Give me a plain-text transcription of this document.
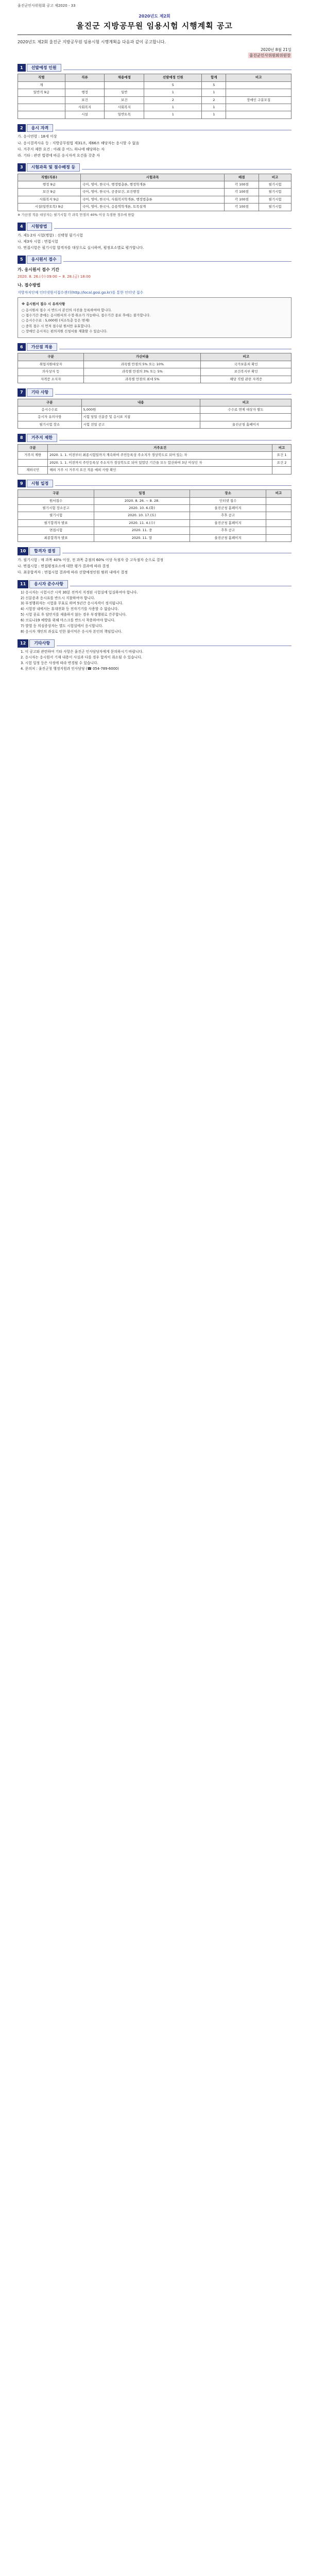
울진군인사위원회 공고 제2020 - 33
2020년도 제2회
울진군 지방공무원 임용시험 시행계획 공고
2020년도 제2회 울진군 지방공무원 임용시험 시행계획을 다음과 같이 공고합니다.
2020년 8월 21일
울진군인사위원회위원장
1	선발예정 인원
직렬	직류	채용예정	선발예정 인원	합계	비고
계			5	5	
일반직 9급	행정	일반	1	1	
	보건	보건	2	2	장애인 구분모집
	사회복지	사회복지	1	1	
	시설	일반토목	1	1	
2	응시 자격

가. 응시연령 : 18세 이상

나. 응시결격사유 등 : 지방공무원법 제31조, 제66조 해당자는 응시할 수 없음

다. 거주지 제한 요건 : 아래 중 어느 하나에 해당하는 자

라. 기타 : 관련 법령에 따른 응시자격 요건을 갖춘 자

3	시험과목 및 점수배정 등
직렬(직류)	시험과목	배점	비고
행정 9급	국어, 영어, 한국사, 행정법총론, 행정학개론	각 100점	필기시험
보건 9급	국어, 영어, 한국사, 공중보건, 보건행정	각 100점	필기시험
사회복지 9급	국어, 영어, 한국사, 사회복지학개론, 행정법총론	각 100점	필기시험
시설(일반토목) 9급	국어, 영어, 한국사, 응용역학개론, 토목설계	각 100점	필기시험
※ 가산점 적용 대상자는 필기시험 각 과목 만점의 40% 이상 득점한 경우에 한함
4	시험방법

가. 제1·2차 시험(병합) : 선택형 필기시험

나. 제3차 시험 : 면접시험

다. 면접시험은 필기시험 합격자를 대상으로 실시하며, 평정요소별로 평가합니다.

5	응시원서 접수
가. 응시원서 접수 기간

2020. 8. 26.(수) 09:00 ~ 8. 28.(금) 18:00

나. 접수방법

지방자치단체 인터넷원서접수센터(http://local.gosi.go.kr)를 통한 인터넷 접수

※ 응시원서 접수 시 유의사항

○ 응시원서 접수 시 반드시 본인의 사진을 등록하여야 합니다.

○ 접수기간 중에는 응시원서의 수정·취소가 가능하나, 접수기간 종료 후에는 불가합니다.

○ 응시수수료 : 5,000원 (저소득층 등은 면제)

○ 중복 접수 시 먼저 접수된 원서만 유효합니다.

○ 장애인 응시자는 편의지원 신청서를 제출할 수 있습니다.

6	가산점 적용
구분	가산비율	비고
취업지원대상자	과목별 만점의 5% 또는 10%	국가보훈처 확인
의사상자 등	과목별 만점의 3% 또는 5%	보건복지부 확인
자격증 소지자	과목별 만점의 최대 5%	해당 직렬 관련 자격증
7	기타 사항
구분	내용	비고
응시수수료	5,000원	수수료 면제 대상자 별도
응시자 유의사항	시험 당일 신분증 및 응시표 지참	
필기시험 장소	시험 전일 공고	울진군청 홈페이지
8	거주지 제한
구분	거주요건	비고
거주지 제한	2020. 1. 1. 이전부터 최종시험일까지 계속하여 주민등록상 주소지가 경상북도로 되어 있는 자	요건 1
	2020. 1. 1. 이전까지 주민등록상 주소지가 경상북도로 되어 있었던 기간을 모두 합산하여 3년 이상인 자	요건 2
재외국민	해외 거주 시 거주지 요건 적용 예외 사항 확인	
9	시험 일정
구분	일정	장소	비고
원서접수	2020. 8. 26. ~ 8. 28.	인터넷 접수	
필기시험 장소공고	2020. 10. 6.(화)	울진군청 홈페이지	
필기시험	2020. 10. 17.(토)	추후 공고	
필기합격자 발표	2020. 11. 4.(수)	울진군청 홈페이지	
면접시험	2020. 11. 중	추후 공고	
최종합격자 발표	2020. 11. 말	울진군청 홈페이지	
10	합격자 결정

가. 필기시험 : 매 과목 40% 이상, 전 과목 총점의 60% 이상 득점자 중 고득점자 순으로 결정

나. 면접시험 : 면접평정요소에 대한 평가 결과에 따라 결정

다. 최종합격자 : 면접시험 결과에 따라 선발예정인원 범위 내에서 결정

11	응시자 준수사항
1) 응시자는 시험시간 시작 30분 전까지 지정된 시험실에 입실하여야 합니다.
2) 신분증과 응시표를 반드시 지참하여야 합니다.
3) 부정행위자는 시험을 무효로 하며 5년간 응시자격이 정지됩니다.
4) 시험장 내에서는 휴대전화 등 전자기기를 사용할 수 없습니다.
5) 시험 종료 후 답안지를 제출하지 않는 경우 부정행위로 간주합니다.
6) 코로나19 예방을 위해 마스크를 반드시 착용하여야 합니다.
7) 발열 등 의심증상자는 별도 시험실에서 응시합니다.
8) 응시자 개인의 과실로 인한 불이익은 응시자 본인의 책임입니다.
12	기타사항
1. 이 공고와 관련하여 기타 사항은 울진군 인사담당자에게 문의하시기 바랍니다.
2. 응시자는 응시원서 기재 내용이 사실과 다를 경우 합격이 취소될 수 있습니다.
3. 시험 일정 등은 사정에 따라 변경될 수 있습니다.
4. 문의처 : 울진군청 행정지원과 인사담당 (☎ 054-789-6000)
